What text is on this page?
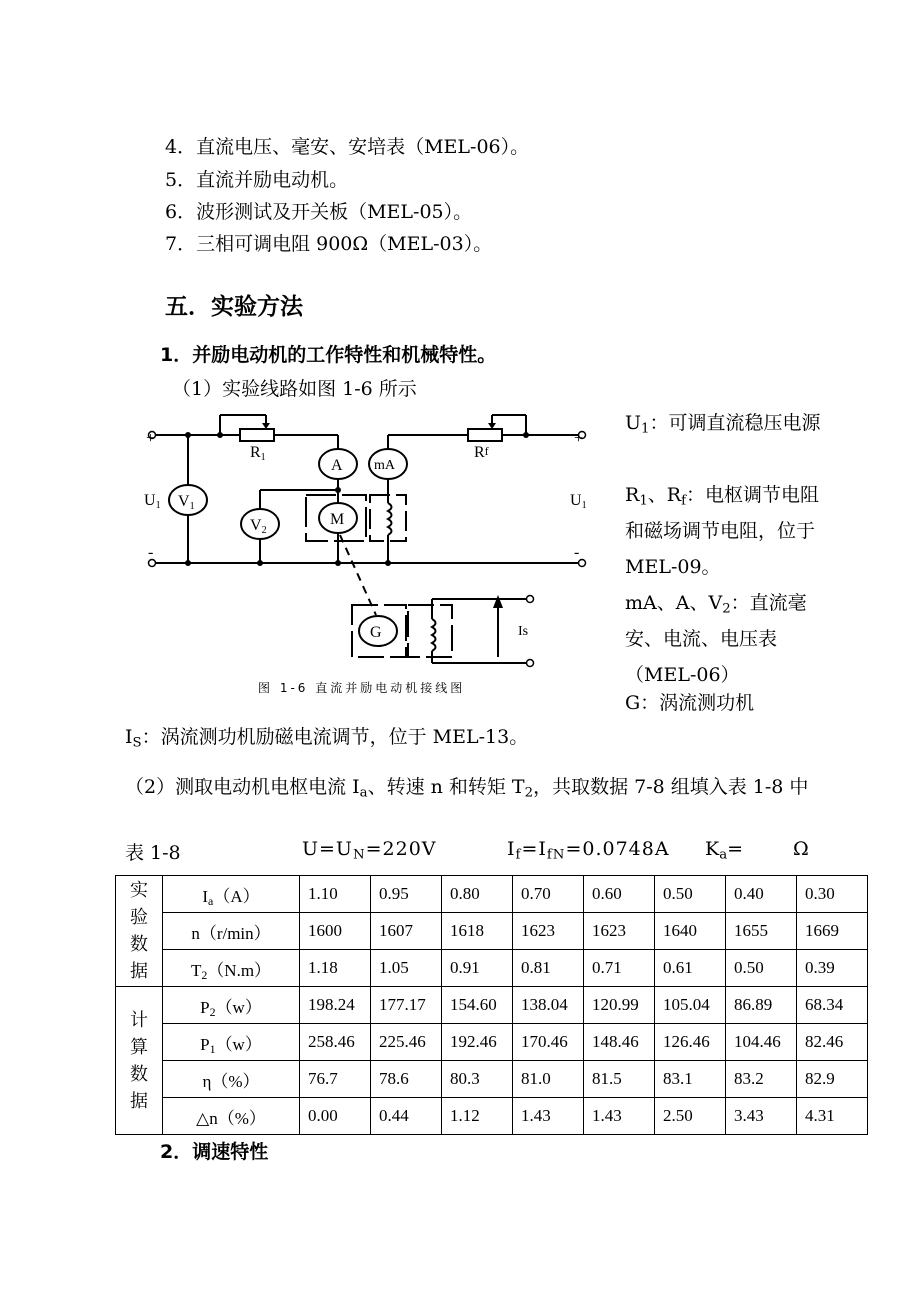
4．直流电压、毫安、安培表（MEL-06）。
5．直流并励电动机。
6．波形测试及开关板（MEL-05）。
7．三相可调电阻 900Ω（MEL-03）。
五．实验方法
1．并励电动机的工作特性和机械特性。
（1）实验线路如图 1-6 所示
+
-
+
-
U1	U1
R1	Rf
A mA
V1
V2
M
G	Is
图 1-6 直流并励电动机接线图
$U_1$：可调直流稳压电源
$R_1$、$R_f$：电枢调节电阻和磁场调节电阻，位于 MEL-09。
mA、A、$V_2$：直流毫安、电流、电压表（MEL-06）
G：涡流测功机
$I_S$：涡流测功机励磁电流调节，位于 MEL-13。
（2）测取电动机电枢电流 $I_a$、转速 n 和转矩 $T_2$，共取数据 7-8 组填入表 1-8 中
表 1-8	$U=U_N=220V$	$I_f=I_{fN}=0.0748A$ $K_a=$	Ω
实
验
数
据	$I_a(A)$	1.10	0.95	0.80	0.70	0.60	0.50	0.40	0.30
	n（r/min）	1600	1607	1618	1623	1623	1640	1655	1669
	$T_2(N.m)$	1.18	1.05	0.91	0.81	0.71	0.61	0.50	0.39

计
算
数
据	$P_2(w)$	198.24	177.17	154.60	138.04	120.99	105.04	86.89	68.34
	$P_1(w)$	258.46	225.46	192.46	170.46	148.46	126.46	104.46	82.46
	η（%）	76.7	78.6	80.3	81.0	81.5	83.1	83.2	82.9
	△n（%）	0.00	0.44	1.12	1.43	1.43	2.50	3.43	4.31
2．调速特性
